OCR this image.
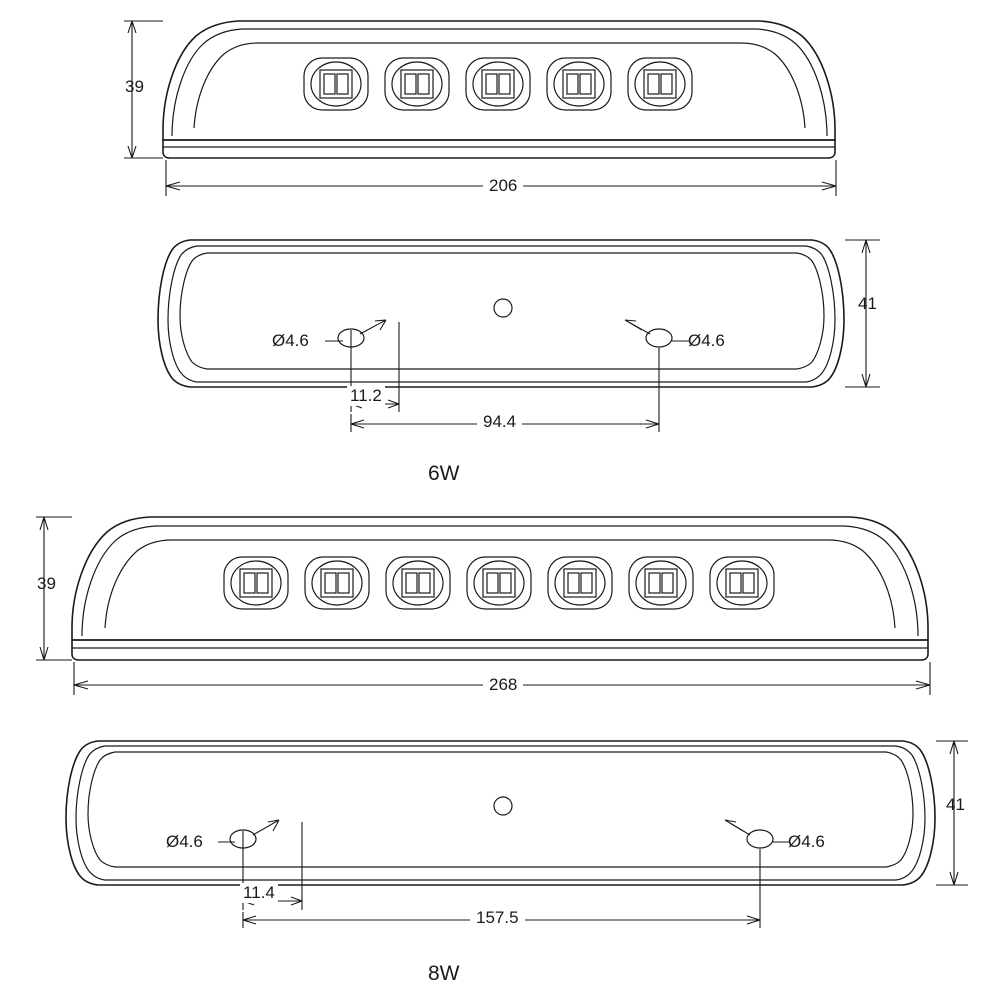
39
206
41
Ø4.6	Ø4.6
11.2
94.4
6W
39
268
41
Ø4.6	Ø4.6
11.4
157.5
8W
